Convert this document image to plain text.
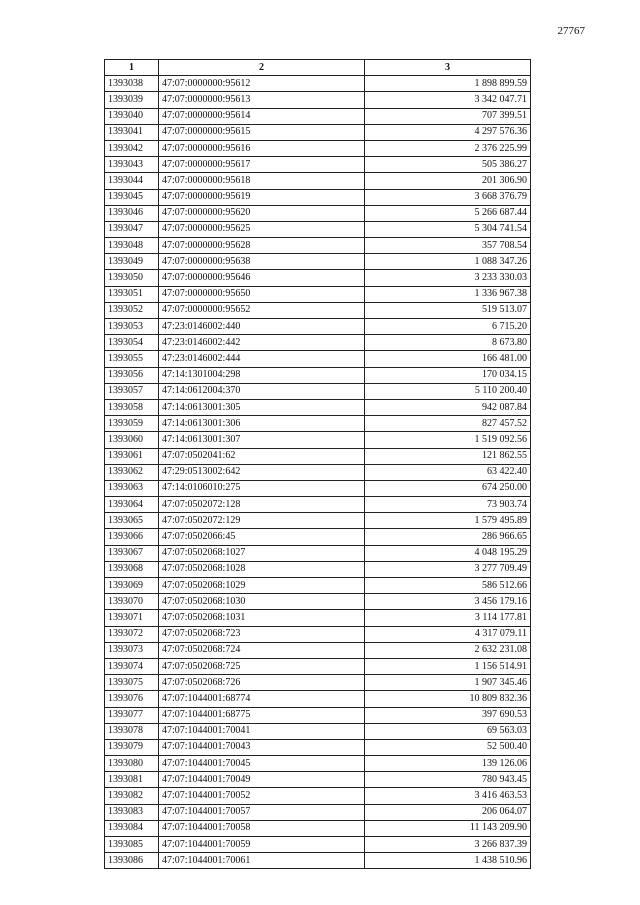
27767
1	2	3
1393038	47:07:0000000:95612	1 898 899.59
1393039	47:07:0000000:95613	3 342 047.71
1393040	47:07:0000000:95614	707 399.51
1393041	47:07:0000000:95615	4 297 576.36
1393042	47:07:0000000:95616	2 376 225.99
1393043	47:07:0000000:95617	505 386.27
1393044	47:07:0000000:95618	201 306.90
1393045	47:07:0000000:95619	3 668 376.79
1393046	47:07:0000000:95620	5 266 687.44
1393047	47:07:0000000:95625	5 304 741.54
1393048	47:07:0000000:95628	357 708.54
1393049	47:07:0000000:95638	1 088 347.26
1393050	47:07:0000000:95646	3 233 330.03
1393051	47:07:0000000:95650	1 336 967.38
1393052	47:07:0000000:95652	519 513.07
1393053	47:23:0146002:440	6 715.20
1393054	47:23:0146002:442	8 673.80
1393055	47:23:0146002:444	166 481.00
1393056	47:14:1301004:298	170 034.15
1393057	47:14:0612004:370	5 110 200.40
1393058	47:14:0613001:305	942 087.84
1393059	47:14:0613001:306	827 457.52
1393060	47:14:0613001:307	1 519 092.56
1393061	47:07:0502041:62	121 862.55
1393062	47:29:0513002:642	63 422.40
1393063	47:14:0106010:275	674 250.00
1393064	47:07:0502072:128	73 903.74
1393065	47:07:0502072:129	1 579 495.89
1393066	47:07:0502066:45	286 966.65
1393067	47:07:0502068:1027	4 048 195.29
1393068	47:07:0502068:1028	3 277 709.49
1393069	47:07:0502068:1029	586 512.66
1393070	47:07:0502068:1030	3 456 179.16
1393071	47:07:0502068:1031	3 114 177.81
1393072	47:07:0502068:723	4 317 079.11
1393073	47:07:0502068:724	2 632 231.08
1393074	47:07:0502068:725	1 156 514.91
1393075	47:07:0502068:726	1 907 345.46
1393076	47:07:1044001:68774	10 809 832.36
1393077	47:07:1044001:68775	397 690.53
1393078	47:07:1044001:70041	69 563.03
1393079	47:07:1044001:70043	52 500.40
1393080	47:07:1044001:70045	139 126.06
1393081	47:07:1044001:70049	780 943.45
1393082	47:07:1044001:70052	3 416 463.53
1393083	47:07:1044001:70057	206 064.07
1393084	47:07:1044001:70058	11 143 209.90
1393085	47:07:1044001:70059	3 266 837.39
1393086	47:07:1044001:70061	1 438 510.96
